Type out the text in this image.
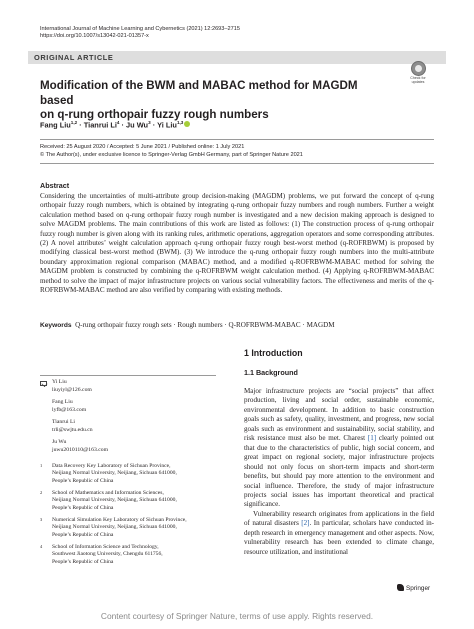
International Journal of Machine Learning and Cybernetics (2021) 12:2693–2715
https://doi.org/10.1007/s13042-021-01357-x
ORIGINAL ARTICLE
Check for updates
Modification of the BWM and MABAC method for MAGDM based
on q-rung orthopair fuzzy rough numbers
Fang Liu$^{1,2}$ · Tianrui $Li^4 \cdot Ju$ $Wu^3 \cdot Yi$ Liu$^{1,3}$
Received: 25 August 2020 / Accepted: 5 June 2021 / Published online: 1 July 2021
© The Author(s), under exclusive licence to Springer-Verlag GmbH Germany, part of Springer Nature 2021
Abstract
Considering the uncertainties of multi-attribute group decision-making (MAGDM) problems, we put forward the concept of q-rung orthopair fuzzy rough numbers, which is obtained by integrating q-rung orthopair fuzzy numbers and rough numbers. Further a weight calculation method based on q-rung orthopair fuzzy rough number is investigated and a new decision making approach is designed to solve MAGDM problems. The main contributions of this work are listed as follows: (1) The construction process of q-rung orthopair fuzzy rough number is given along with its ranking rules, arithmetic operations, aggregation operators and some corresponding attributes. (2) A novel attributes’ weight calculation approach q-rung orthopair fuzzy rough best-worst method (q-ROFRBWM) is proposed by modifying classical best-worst method (BWM). (3) We introduce the q-rung orthopair fuzzy rough numbers into the multi-attribute boundary approximation regional comparison (MABAC) method, and a modified q-ROFRBWM-MABAC method for solving the MAGDM problem is constructed by combining the q-ROFRBWM weight calculation method. (4) Applying q-ROFRBWM-MABAC method to solve the impact of major infrastructure projects on various social vulnerability factors. The effectiveness and merits of the q-ROFRBWM-MABAC method are also verified by comparing with existing methods.
Keywords Q-rung orthopair fuzzy rough sets · Rough numbers · Q-ROFRBWM-MABAC · MAGDM
1 Introduction
1.1 Background

Major infrastructure projects are “social projects” that affect production, living and social order, sustainable economic, environmental development. In addition to basic construction goals such as safety, quality, investment, and progress, new social goals such as environment and sustainability, social stability, and risk resistance must also be met. Charest [1] clearly pointed out that due to the characteristics of public, high social concern, and great impact on regional society, major infrastructure projects should not only focus on short-term impacts and short-term benefits, but should pay more attention to the environment and social influence. Therefore, the study of major infrastructure projects social issues has important theoretical and practical significance.

Vulnerability research originates from applications in the field of natural disasters [2]. In particular, scholars have conducted in-depth research in emergency management and other aspects. Now, vulnerability research has been extended to climate change, resource utilization, and institutional

Yi Liu
liuyiyl@126.com
Fang Liu
lyfb@163.com
Tianrui Li
trli@swjtu.edu.cn
Ju Wu
juwu2010110@163.com
1 Data Recovery Key Laboratory of Sichuan Province,
Neijiang Normal University, Neijiang, Sichuan 641000,
People’s Republic of China
2 School of Mathematics and Information Sciences,
Neijiang Normal University, Neijiang, Sichuan 641000,
People’s Republic of China
3 Numerical Simulation Key Laboratory of Sichuan Province,
Neijiang Normal University, Neijiang, Sichuan 641000,
People’s Republic of China
4 School of Information Science and Technology,
Southwest Jiaotong University, Chengdu 611756,
People’s Republic of China
Springer
Content courtesy of Springer Nature, terms of use apply. Rights reserved.
